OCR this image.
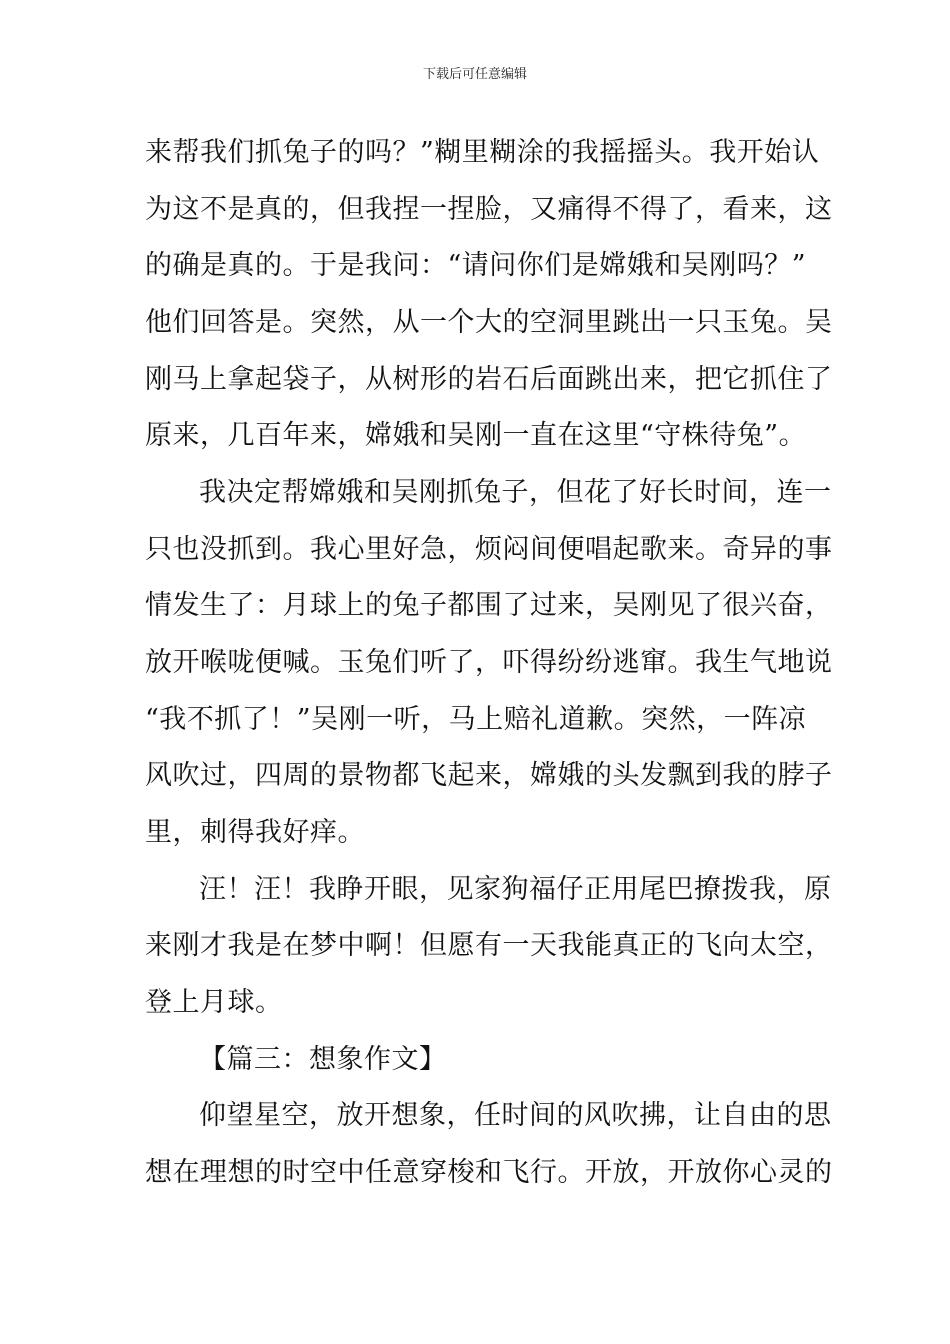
下载后可任意编辑
来帮我们抓兔子的吗？”糊里糊涂的我摇摇头。我开始认
为这不是真的，但我捏一捏脸，又痛得不得了，看来，这
的确是真的。于是我问：“请问你们是嫦娥和吴刚吗？”
他们回答是。突然，从一个大的空洞里跳出一只玉兔。吴
刚马上拿起袋子，从树形的岩石后面跳出来，把它抓住了
原来，几百年来，嫦娥和吴刚一直在这里“守株待兔”。
我决定帮嫦娥和吴刚抓兔子，但花了好长时间，连一
只也没抓到。我心里好急，烦闷间便唱起歌来。奇异的事
情发生了：月球上的兔子都围了过来，吴刚见了很兴奋，
放开喉咙便喊。玉兔们听了，吓得纷纷逃窜。我生气地说
“我不抓了！”吴刚一听，马上赔礼道歉。突然，一阵凉
风吹过，四周的景物都飞起来，嫦娥的头发飘到我的脖子
里，刺得我好痒。
汪！汪！我睁开眼，见家狗福仔正用尾巴撩拨我，原
来刚才我是在梦中啊！但愿有一天我能真正的飞向太空，
登上月球。
【篇三：想象作文】
仰望星空，放开想象，任时间的风吹拂，让自由的思
想在理想的时空中任意穿梭和飞行。开放，开放你心灵的
